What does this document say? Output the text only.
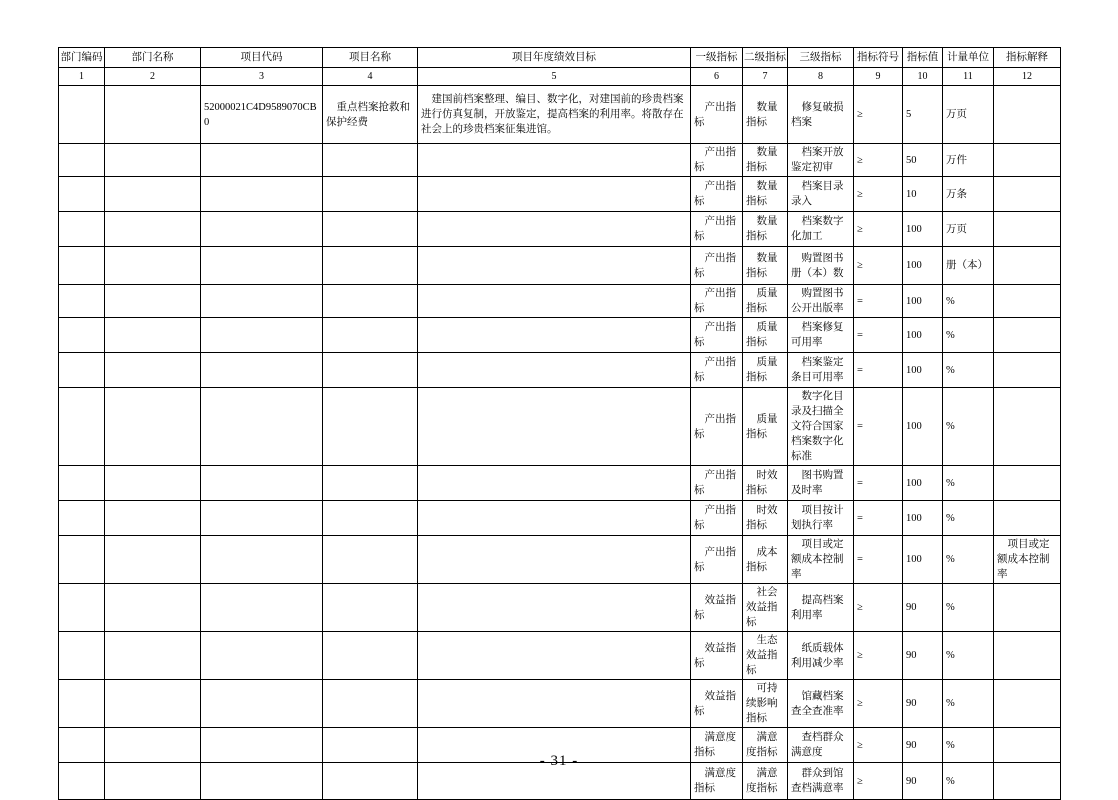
部门编码	部门名称	项目代码	项目名称	项目年度绩效目标	一级指标	二级指标	三级指标	指标符号	指标值	计量单位	指标解释
1	2	3	4	5	6	7	8	9	10	11	12
		52000021C4D9589070CB0	重点档案抢救和保护经费	建国前档案整理、编目、数字化，对建国前的珍贵档案进行仿真复制，开放鉴定，提高档案的利用率。将散存在社会上的珍贵档案征集进馆。	产出指标	数量指标	修复破损档案	≥	5	万页	
					产出指标	数量指标	档案开放鉴定初审	≥	50	万件	
					产出指标	数量指标	档案目录录入	≥	10	万条	
					产出指标	数量指标	档案数字化加工	≥	100	万页	
					产出指标	数量指标	购置图书册（本）数	≥	100	册（本）	
					产出指标	质量指标	购置图书公开出版率	=	100	%	
					产出指标	质量指标	档案修复可用率	=	100	%	
					产出指标	质量指标	档案鉴定条目可用率	=	100	%	
					产出指标	质量指标	数字化目录及扫描全文符合国家档案数字化标准	=	100	%	
					产出指标	时效指标	图书购置及时率	=	100	%	
					产出指标	时效指标	项目按计划执行率	=	100	%	
					产出指标	成本指标	项目或定额成本控制率	=	100	%	项目或定额成本控制率
					效益指标	社会效益指标	提高档案利用率	≥	90	%	
					效益指标	生态效益指标	纸质载体利用减少率	≥	90	%	
					效益指标	可持续影响指标	馆藏档案查全查准率	≥	90	%	
					满意度指标	满意度指标	查档群众满意度	≥	90	%	
					满意度指标	满意度指标	群众到馆查档满意率	≥	90	%	
- 31 -
